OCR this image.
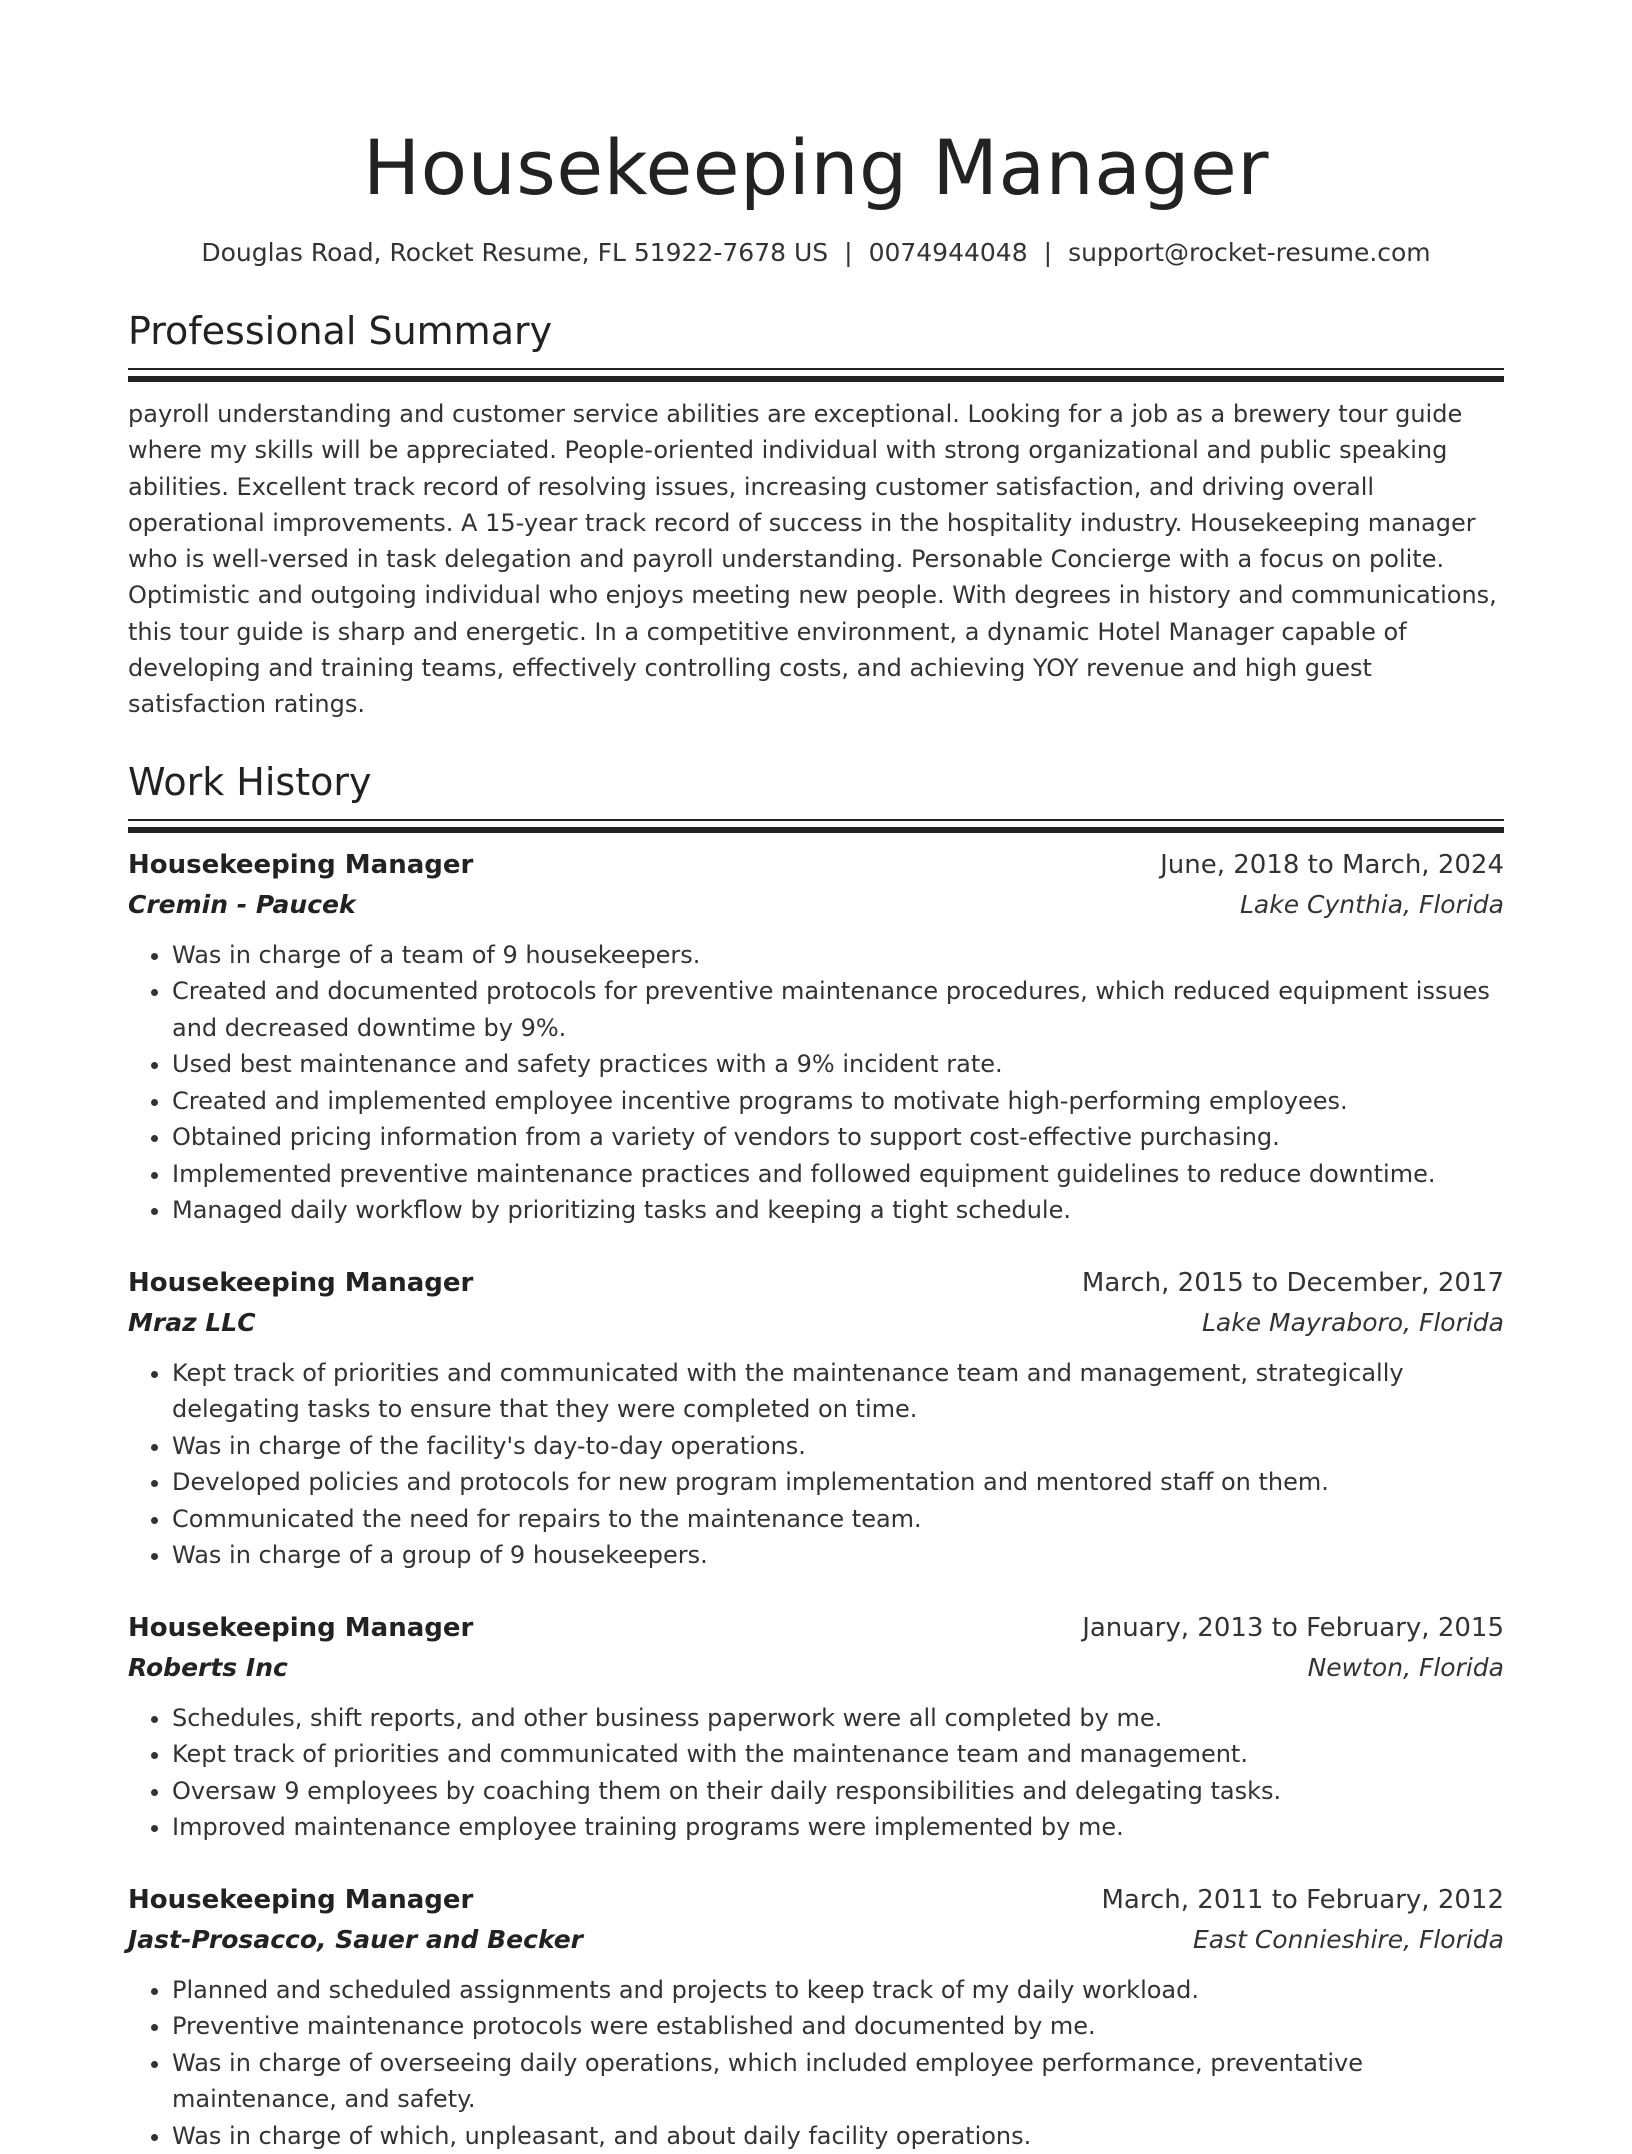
Housekeeping Manager
Douglas Road, Rocket Resume, FL 51922-7678 US | 0074944048 | support@rocket-resume.com
Professional Summary
payroll understanding and customer service abilities are exceptional. Looking for a job as a brewery tour guide where my skills will be appreciated. People-oriented individual with strong organizational and public speaking abilities. Excellent track record of resolving issues, increasing customer satisfaction, and driving overall operational improvements. A 15-year track record of success in the hospitality industry. Housekeeping manager who is well-versed in task delegation and payroll understanding. Personable Concierge with a focus on polite. Optimistic and outgoing individual who enjoys meeting new people. With degrees in history and communications, this tour guide is sharp and energetic. In a competitive environment, a dynamic Hotel Manager capable of developing and training teams, effectively controlling costs, and achieving YOY revenue and high guest satisfaction ratings.
Work History
Housekeeping Manager	June, 2018 to March, 2024
Cremin - Paucek	Lake Cynthia, Florida
• Was in charge of a team of 9 housekeepers.
• Created and documented protocols for preventive maintenance procedures, which reduced equipment issues and decreased downtime by 9%.
• Used best maintenance and safety practices with a 9% incident rate.
• Created and implemented employee incentive programs to motivate high-performing employees.
• Obtained pricing information from a variety of vendors to support cost-effective purchasing.
• Implemented preventive maintenance practices and followed equipment guidelines to reduce downtime.
• Managed daily workflow by prioritizing tasks and keeping a tight schedule.
Housekeeping Manager	March, 2015 to December, 2017
Mraz LLC	Lake Mayraboro, Florida
• Kept track of priorities and communicated with the maintenance team and management, strategically delegating tasks to ensure that they were completed on time.
• Was in charge of the facility's day-to-day operations.
• Developed policies and protocols for new program implementation and mentored staff on them.
• Communicated the need for repairs to the maintenance team.
• Was in charge of a group of 9 housekeepers.
Housekeeping Manager	January, 2013 to February, 2015
Roberts Inc	Newton, Florida
• Schedules, shift reports, and other business paperwork were all completed by me.
• Kept track of priorities and communicated with the maintenance team and management.
• Oversaw 9 employees by coaching them on their daily responsibilities and delegating tasks.
• Improved maintenance employee training programs were implemented by me.
Housekeeping Manager	March, 2011 to February, 2012
Jast-Prosacco, Sauer and Becker	East Connieshire, Florida
• Planned and scheduled assignments and projects to keep track of my daily workload.
• Preventive maintenance protocols were established and documented by me.
• Was in charge of overseeing daily operations, which included employee performance, preventative maintenance, and safety.
• Was in charge of which, unpleasant, and about daily facility operations.
